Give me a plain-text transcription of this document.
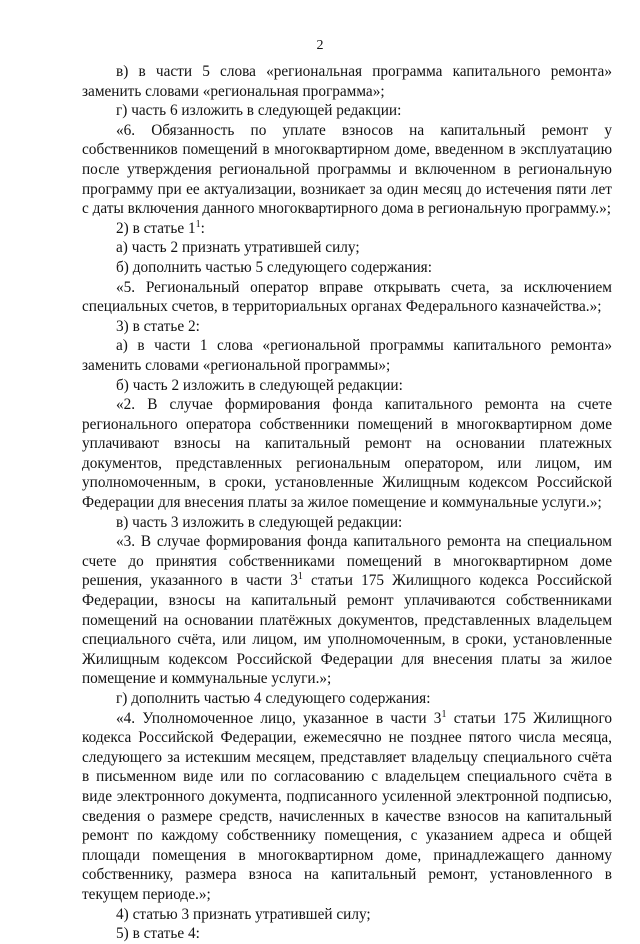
2

в) в части 5 слова «региональная программа капитального ремонта» заменить словами «региональная программа»;

г) часть 6 изложить в следующей редакции:

«6. Обязанность по уплате взносов на капитальный ремонт у собственников помещений в многоквартирном доме, введенном в эксплуатацию после утверждения региональной программы и включенном в региональную программу при ее актуализации, возникает за один месяц до истечения пяти лет с даты включения данного многоквартирного дома в региональную программу.»;

2) в статье $1^1$:

а) часть 2 признать утратившей силу;

б) дополнить частью 5 следующего содержания:

«5. Региональный оператор вправе открывать счета, за исключением специальных счетов, в территориальных органах Федерального казначейства.»;

3) в статье 2:

а) в части 1 слова «региональной программы капитального ремонта» заменить словами «региональной программы»;

б) часть 2 изложить в следующей редакции:

«2. В случае формирования фонда капитального ремонта на счете регионального оператора собственники помещений в многоквартирном доме уплачивают взносы на капитальный ремонт на основании платежных документов, представленных региональным оператором, или лицом, им уполномоченным, в сроки, установленные Жилищным кодексом Российской Федерации для внесения платы за жилое помещение и коммунальные услуги.»;

в) часть 3 изложить в следующей редакции:

«3. В случае формирования фонда капитального ремонта на специальном счете до принятия собственниками помещений в многоквартирном доме решения, указанного в части $3^1$ статьи 175 Жилищного кодекса Российской Федерации, взносы на капитальный ремонт уплачиваются собственниками помещений на основании платёжных документов, представленных владельцем специального счёта, или лицом, им уполномоченным, в сроки, установленные Жилищным кодексом Российской Федерации для внесения платы за жилое помещение и коммунальные услуги.»;

г) дополнить частью 4 следующего содержания:

«4. Уполномоченное лицо, указанное в части $3^1$ статьи 175 Жилищного кодекса Российской Федерации, ежемесячно не позднее пятого числа месяца, следующего за истекшим месяцем, представляет владельцу специального счёта в письменном виде или по согласованию с владельцем специального счёта в виде электронного документа, подписанного усиленной электронной подписью, сведения о размере средств, начисленных в качестве взносов на капитальный ремонт по каждому собственнику помещения, с указанием адреса и общей площади помещения в многоквартирном доме, принадлежащего данному собственнику, размера взноса на капитальный ремонт, установленного в текущем периоде.»;

4) статью 3 признать утратившей силу;

5) в статье 4:
